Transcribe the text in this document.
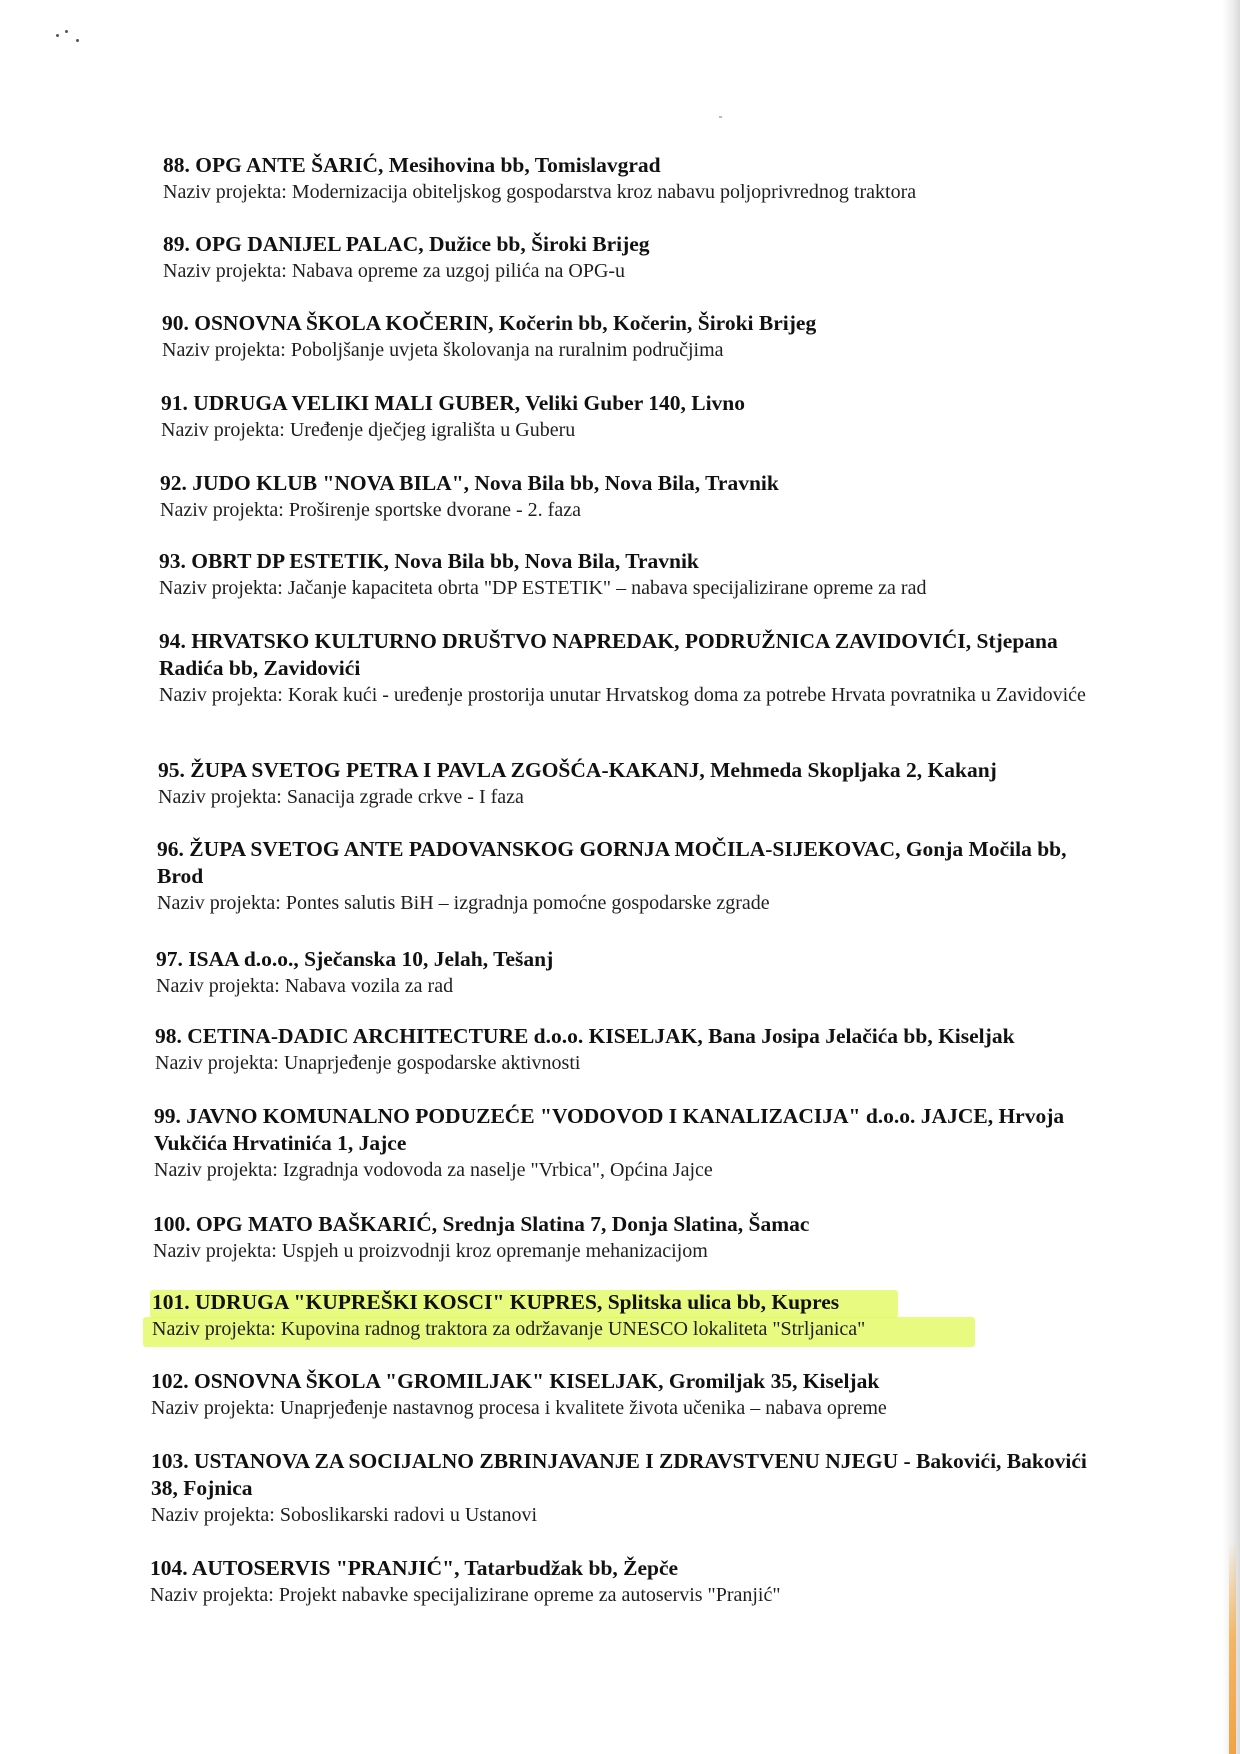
88. OPG ANTE ŠARIĆ, Mesihovina bb, Tomislavgrad

Naziv projekta: Modernizacija obiteljskog gospodarstva kroz nabavu poljoprivrednog traktora

89. OPG DANIJEL PALAC, Dužice bb, Široki Brijeg

Naziv projekta: Nabava opreme za uzgoj pilića na OPG-u

90. OSNOVNA ŠKOLA KOČERIN, Kočerin bb, Kočerin, Široki Brijeg

Naziv projekta: Poboljšanje uvjeta školovanja na ruralnim područjima

91. UDRUGA VELIKI MALI GUBER, Veliki Guber 140, Livno

Naziv projekta: Uređenje dječjeg igrališta u Guberu

92. JUDO KLUB "NOVA BILA", Nova Bila bb, Nova Bila, Travnik

Naziv projekta: Proširenje sportske dvorane - 2. faza

93. OBRT DP ESTETIK, Nova Bila bb, Nova Bila, Travnik

Naziv projekta: Jačanje kapaciteta obrta "DP ESTETIK" – nabava specijalizirane opreme za rad

94. HRVATSKO KULTURNO DRUŠTVO NAPREDAK, PODRUŽNICA ZAVIDOVIĆI, Stjepana Radića bb, Zavidovići

Naziv projekta: Korak kući - uređenje prostorija unutar Hrvatskog doma za potrebe Hrvata povratnika u Zavidoviće

95. ŽUPA SVETOG PETRA I PAVLA ZGOŠĆA-KAKANJ, Mehmeda Skopljaka 2, Kakanj

Naziv projekta: Sanacija zgrade crkve - I faza

96. ŽUPA SVETOG ANTE PADOVANSKOG GORNJA MOČILA-SIJEKOVAC, Gonja Močila bb, Brod

Naziv projekta: Pontes salutis BiH – izgradnja pomoćne gospodarske zgrade

97. ISAA d.o.o., Sječanska 10, Jelah, Tešanj

Naziv projekta: Nabava vozila za rad

98. CETINA-DADIC ARCHITECTURE d.o.o. KISELJAK, Bana Josipa Jelačića bb, Kiseljak

Naziv projekta: Unaprjeđenje gospodarske aktivnosti

99. JAVNO KOMUNALNO PODUZEĆE "VODOVOD I KANALIZACIJA" d.o.o. JAJCE, Hrvoja Vukčića Hrvatinića 1, Jajce

Naziv projekta: Izgradnja vodovoda za naselje "Vrbica", Općina Jajce

100. OPG MATO BAŠKARIĆ, Srednja Slatina 7, Donja Slatina, Šamac

Naziv projekta: Uspjeh u proizvodnji kroz opremanje mehanizacijom

101. UDRUGA "KUPREŠKI KOSCI" KUPRES, Splitska ulica bb, Kupres

Naziv projekta: Kupovina radnog traktora za održavanje UNESCO lokaliteta "Strljanica"

102. OSNOVNA ŠKOLA "GROMILJAK" KISELJAK, Gromiljak 35, Kiseljak

Naziv projekta: Unaprjeđenje nastavnog procesa i kvalitete života učenika – nabava opreme

103. USTANOVA ZA SOCIJALNO ZBRINJAVANJE I ZDRAVSTVENU NJEGU - Bakovići, Bakovići 38, Fojnica

Naziv projekta: Soboslikarski radovi u Ustanovi

104. AUTOSERVIS "PRANJIĆ", Tatarbudžak bb, Žepče

Naziv projekta: Projekt nabavke specijalizirane opreme za autoservis "Pranjić"
